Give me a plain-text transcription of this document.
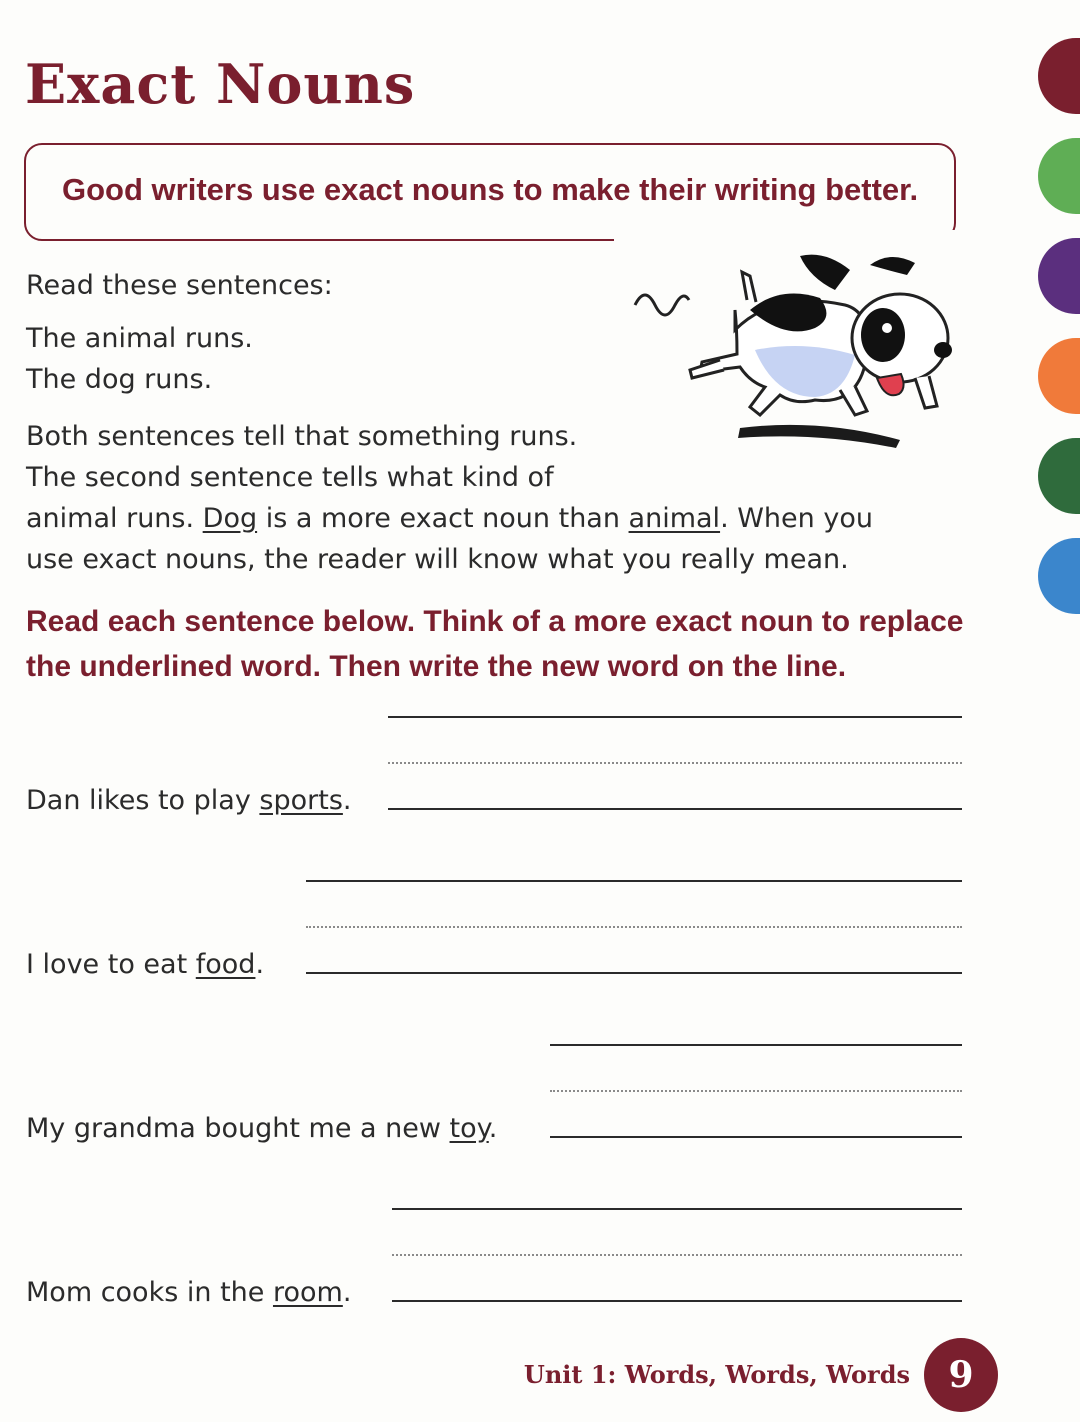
Exact Nouns
Good writers use exact nouns to make their writing better.
Read these sentences:
The animal runs.
The dog runs.
Both sentences tell that something runs.
The second sentence tells what kind of
animal runs. Dog is a more exact noun than animal. When you
use exact nouns, the reader will know what you really mean.
Read each sentence below. Think of a more exact noun to replace
the underlined word. Then write the new word on the line.
Dan likes to play sports.
I love to eat food.
My grandma bought me a new toy.
Mom cooks in the room.
Unit 1: Words, Words, Words	9
